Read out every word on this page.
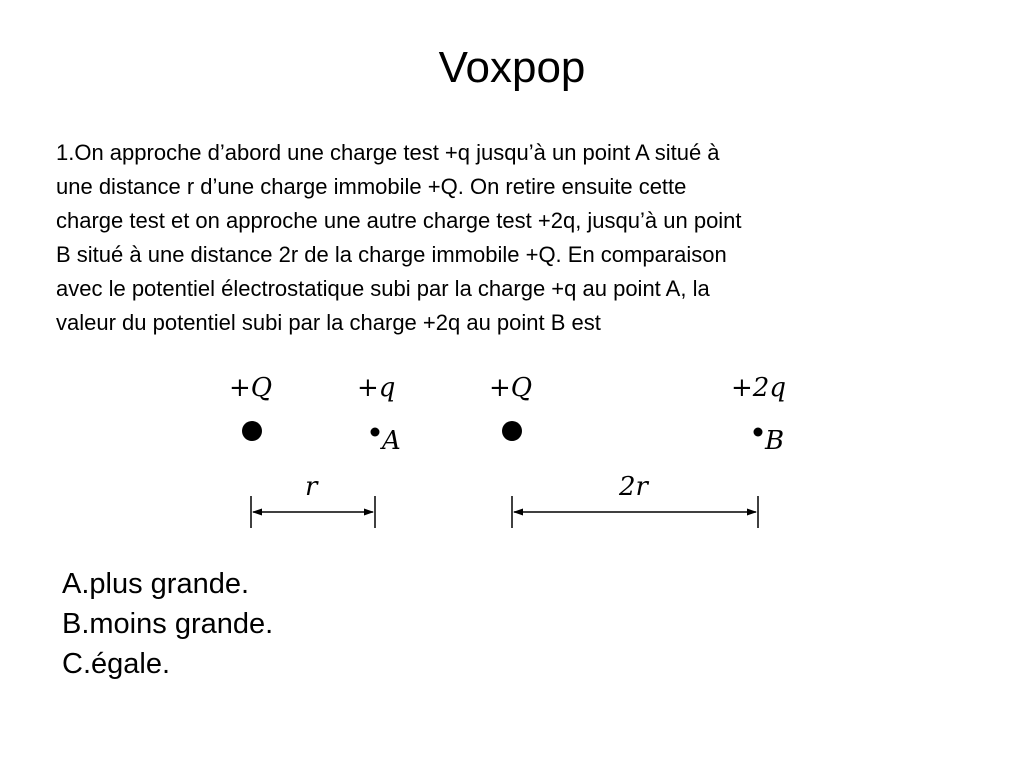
Voxpop
1.On approche d’abord une charge test +q jusqu’à un point A situé à
une distance r d’une charge immobile +Q. On retire ensuite cette
charge test et on approche une autre charge test +2q, jusqu’à un point
B situé à une distance 2r de la charge immobile +Q. En comparaison
avec le potentiel électrostatique subi par la charge +q au point A, la
valeur du potentiel subi par la charge +2q au point B est
+Q	+q
A
r
+Q	+2q
B
2r
A.plus grande.
B.moins grande.
C.égale.
